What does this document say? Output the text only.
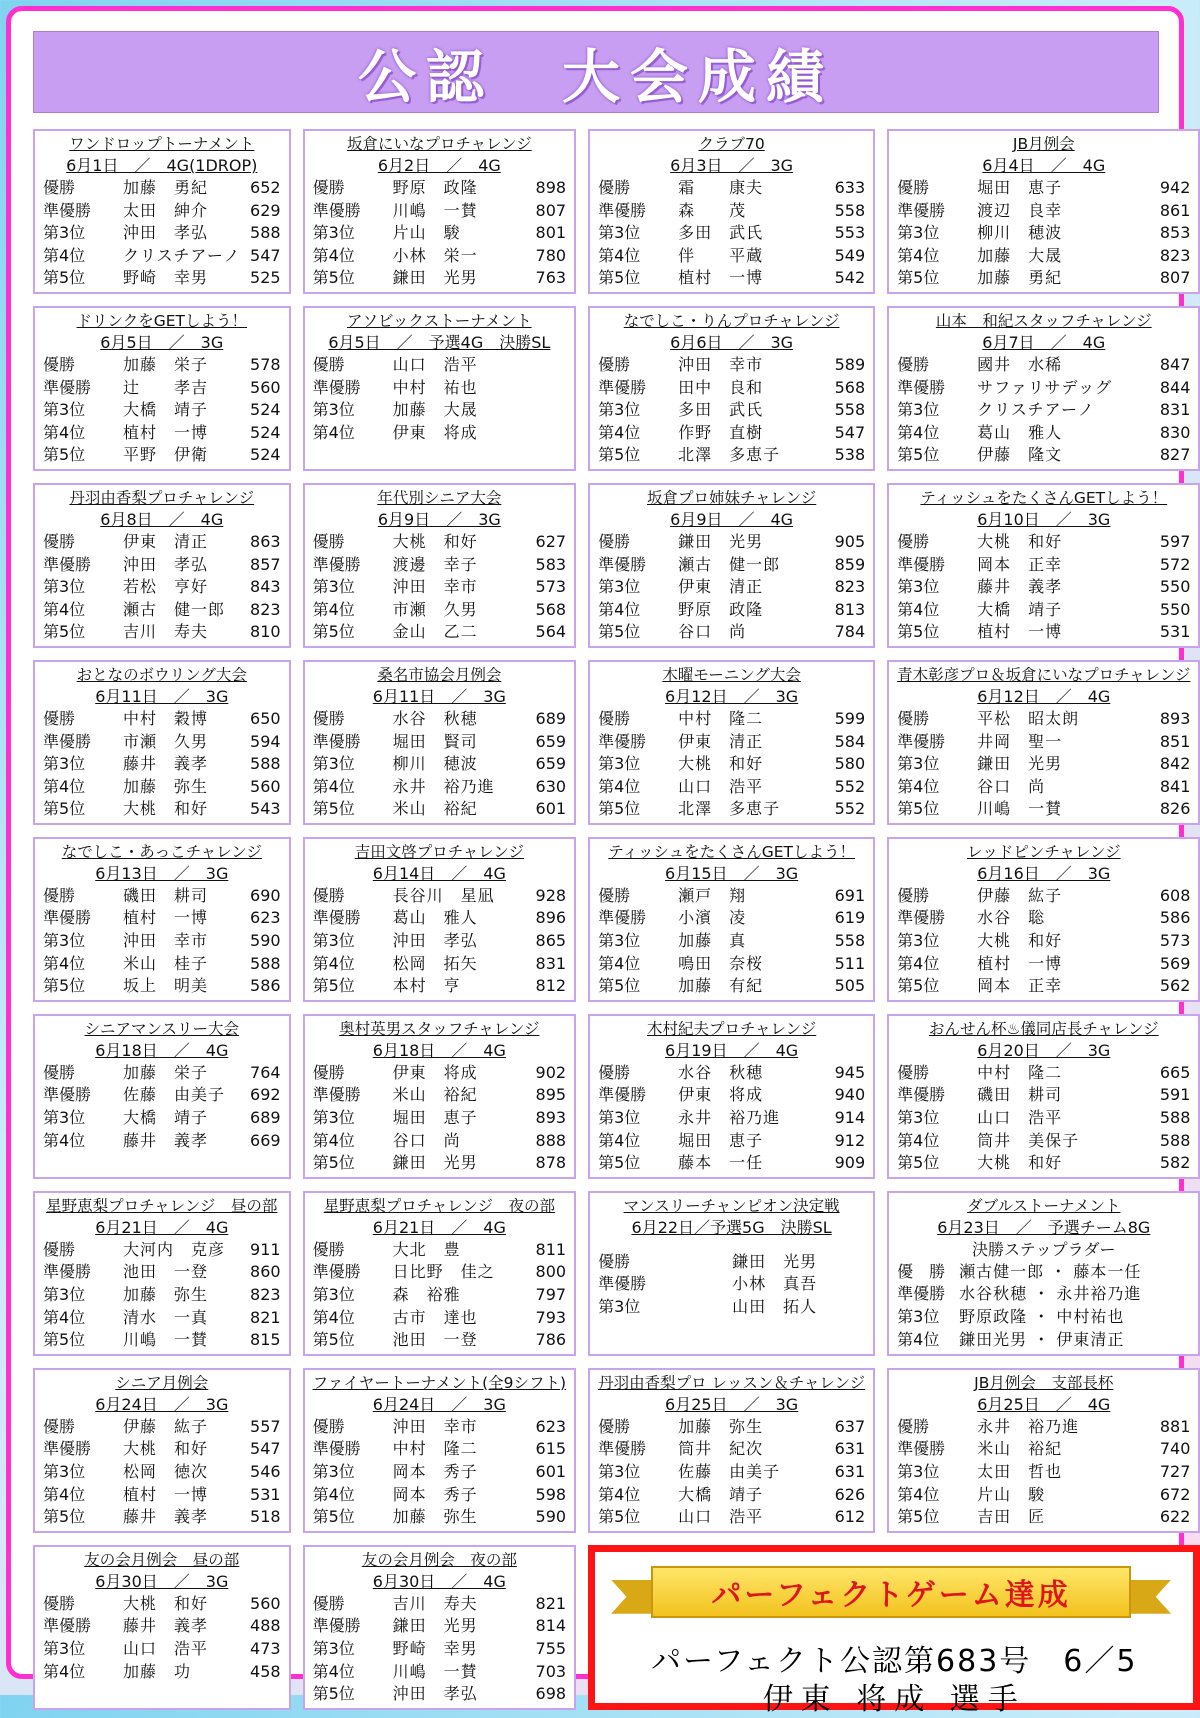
公認　大会成績
ワンドロップトーナメント
6月1日　／　4G(1DROP)
優勝	加藤　勇紀	652
準優勝	太田　紳介	629
第3位	沖田　孝弘	588
第4位	クリスチアーノ 547
第5位	野崎　幸男	525
坂倉にいなプロチャレンジ
6月2日　／　4G
優勝	野原　政隆	898
準優勝	川嶋　一賛	807
第3位	片山　駿	801
第4位	小林　栄一	780
第5位	鎌田　光男	763
クラブ70
6月3日　／　3G
優勝	霜　　康夫	633
準優勝	森　　茂	558
第3位	多田　武氏	553
第4位	伴　　平蔵	549
第5位	植村　一博	542
JB月例会
6月4日　／　4G
優勝	堀田　恵子	942
準優勝	渡辺　良幸	861
第3位	柳川　穂波	853
第4位	加藤　大晟	823
第5位	加藤　勇紀	807
ドリンクをGETしよう！
6月5日　／　3G
優勝	加藤　栄子	578
準優勝	辻　　孝吉	560
第3位	大橋　靖子	524
第4位	植村　一博	524
第5位	平野　伊衛	524
アソビックストーナメント
6月5日　／　予選4G　決勝SL
優勝	山口　浩平
準優勝	中村　祐也
第3位	加藤　大晟
第4位	伊東　将成
なでしこ・りんプロチャレンジ
6月6日　／　3G
優勝	沖田　幸市	589
準優勝	田中　良和	568
第3位	多田　武氏	558
第4位	作野　直樹	547
第5位	北澤　多恵子	538
山本　和紀スタッフチャレンジ
6月7日　／　4G
優勝	國井　水稀	847
準優勝	サファリサデッグ	844
第3位	クリスチアーノ	831
第4位	葛山　雅人	830
第5位	伊藤　隆文	827
丹羽由香梨プロチャレンジ
6月8日　／　4G
優勝	伊東　清正	863
準優勝	沖田　孝弘	857
第3位	若松　亨好	843
第4位	瀬古　健一郎	823
第5位	吉川　寿夫	810
年代別シニア大会
6月9日　／　3G
優勝	大桃　和好	627
準優勝	渡邊　幸子	583
第3位	沖田　幸市	573
第4位	市瀬　久男	568
第5位	金山　乙二	564
坂倉プロ姉妹チャレンジ
6月9日　／　4G
優勝	鎌田　光男	905
準優勝	瀬古　健一郎	859
第3位	伊東　清正	823
第4位	野原　政隆	813
第5位	谷口　尚	784
ティッシュをたくさんGETしよう！
6月10日　／　3G
優勝	大桃　和好	597
準優勝	岡本　正幸	572
第3位	藤井　義孝	550
第4位	大橋　靖子	550
第5位	植村　一博	531
おとなのボウリング大会
6月11日　／　3G
優勝	中村　穀博	650
準優勝	市瀬　久男	594
第3位	藤井　義孝	588
第4位	加藤　弥生	560
第5位	大桃　和好	543
桑名市協会月例会
6月11日　／　3G
優勝	水谷　秋穂	689
準優勝	堀田　賢司	659
第3位	柳川　穂波	659
第4位	永井　裕乃進	630
第5位	米山　裕紀	601
木曜モーニング大会
6月12日　／　3G
優勝	中村　隆二	599
準優勝	伊東　清正	584
第3位	大桃　和好	580
第4位	山口　浩平	552
第5位	北澤　多恵子	552
青木彰彦プロ＆坂倉にいなプロチャレンジ
6月12日　／　4G
優勝	平松　昭太朗	893
準優勝	井岡　聖一	851
第3位	鎌田　光男	842
第4位	谷口　尚	841
第5位	川嶋　一賛	826
なでしこ・あっこチャレンジ
6月13日　／　3G
優勝	磯田　耕司	690
準優勝	植村　一博	623
第3位	沖田　幸市	590
第4位	米山　桂子	588
第5位	坂上　明美	586
吉田文啓プロチャレンジ
6月14日　／　4G
優勝	長谷川　星凪	928
準優勝	葛山　雅人	896
第3位	沖田　孝弘	865
第4位	松岡　拓矢	831
第5位	本村　亨	812
ティッシュをたくさんGETしよう！
6月15日　／　3G
優勝	瀬戸　翔	691
準優勝	小濱　凌	619
第3位	加藤　真	558
第4位	鳴田　奈桜	511
第5位	加藤　有紀	505
レッドピンチャレンジ
6月16日　／　3G
優勝	伊藤　紘子	608
準優勝	水谷　聡	586
第3位	大桃　和好	573
第4位	植村　一博	569
第5位	岡本　正幸	562
シニアマンスリー大会
6月18日　／　4G
優勝	加藤　栄子	764
準優勝	佐藤　由美子	692
第3位	大橋　靖子	689
第4位	藤井　義孝	669
奥村英男スタッフチャレンジ
6月18日　／　4G
優勝	伊東　将成	902
準優勝	米山　裕紀	895
第3位	堀田　恵子	893
第4位	谷口　尚	888
第5位	鎌田　光男	878
木村紀夫プロチャレンジ
6月19日　／　4G
優勝	水谷　秋穂	945
準優勝	伊東　将成	940
第3位	永井　裕乃進	914
第4位	堀田　恵子	912
第5位	藤本　一任	909
おんせん杯♨儀同店長チャレンジ
6月20日　／　3G
優勝	中村　隆二	665
準優勝	磯田　耕司	591
第3位	山口　浩平	588
第4位	筒井　美保子	588
第5位	大桃　和好	582
星野恵梨プロチャレンジ　昼の部
6月21日　／　4G
優勝	大河内　克彦	911
準優勝	池田　一登	860
第3位	加藤　弥生	823
第4位	清水　一真	821
第5位	川嶋　一賛	815
星野恵梨プロチャレンジ　夜の部
6月21日　／　4G
優勝	大北　豊	811
準優勝	日比野　佳之	800
第3位	森　裕雅	797
第4位	古市　達也	793
第5位	池田　一登	786
マンスリーチャンピオン決定戦
6月22日／予選5G　決勝SL
優勝	鎌田　光男
準優勝	小林　真吾
第3位	山田　拓人
ダブルストーナメント
6月23日　／　予選チーム8G
決勝ステップラダー
優　勝 瀬古健一郎 ・ 藤本一任
準優勝 水谷秋穂 ・ 永井裕乃進
第3位	野原政隆 ・ 中村祐也
第4位	鎌田光男 ・ 伊東清正
シニア月例会
6月24日　／　3G
優勝	伊藤　紘子	557
準優勝	大桃　和好	547
第3位	松岡　徳次	546
第4位	植村　一博	531
第5位	藤井　義孝	518
ファイヤートーナメント(全9シフト)
6月24日　／　3G
優勝	沖田　幸市	623
準優勝	中村　隆二	615
第3位	岡本　秀子	601
第4位	岡本　秀子	598
第5位	加藤　弥生	590
丹羽由香梨プロ レッスン＆チャレンジ
6月25日　／　3G
優勝	加藤　弥生	637
準優勝	筒井　紀次	631
第3位	佐藤　由美子	631
第4位	大橋　靖子	626
第5位	山口　浩平	612
JB月例会　支部長杯
6月25日　／　4G
優勝	永井　裕乃進	881
準優勝	米山　裕紀	740
第3位	太田　哲也	727
第4位	片山　駿	672
第5位	吉田　匠	622
友の会月例会　昼の部
6月30日　／　3G
優勝	大桃　和好	560
準優勝	藤井　義孝	488
第3位	山口　浩平	473
第4位	加藤　功	458
友の会月例会　夜の部
6月30日　／　4G
優勝	吉川　寿夫	821
準優勝	鎌田　光男	814
第3位	野崎　幸男	755
第4位	川嶋　一賛	703
第5位	沖田　孝弘	698
パーフェクトゲーム達成
パーフェクト公認第683号　6／5
伊東 将成 選手
